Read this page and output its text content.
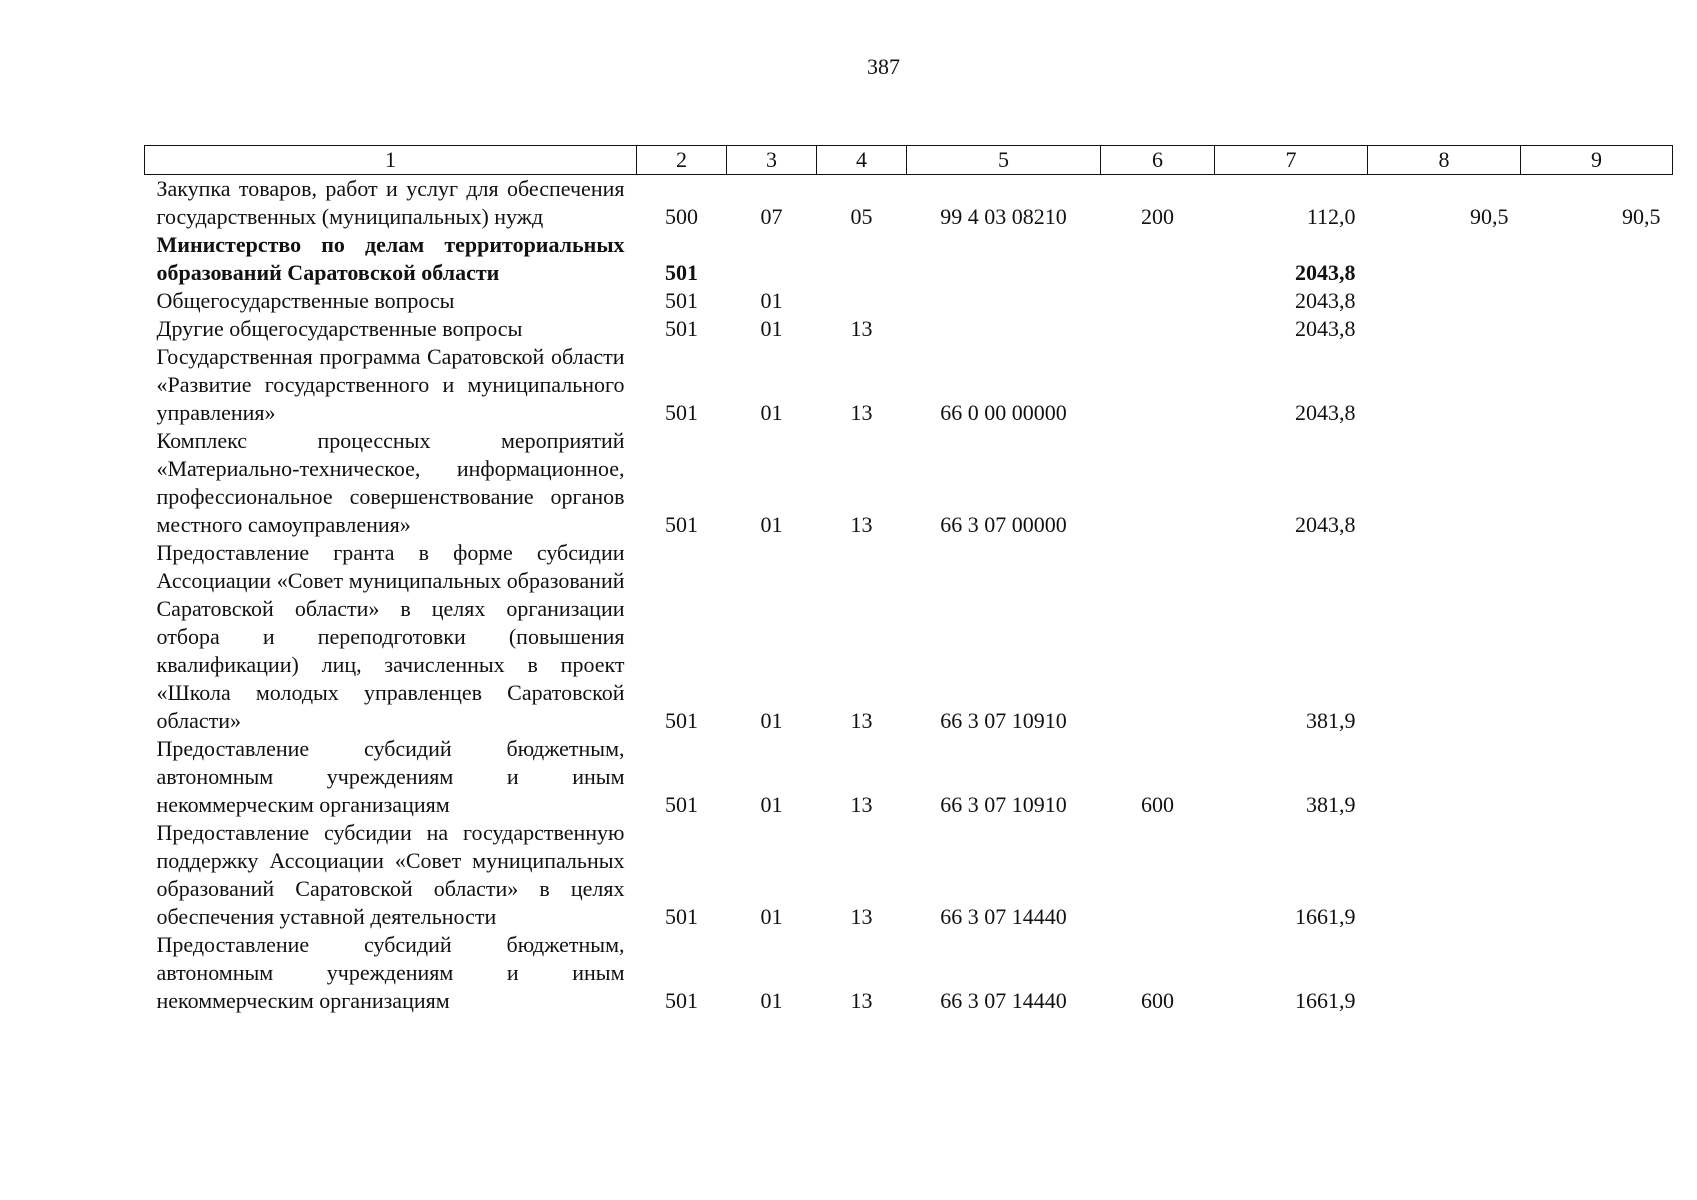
387
1	2	3	4	5	6	7	8	9
Закупка товаров, работ и услуг для обеспечения государственных (муниципальных) нужд	500	07	05	99 4 03 08210	200	112,0	90,5	90,5
Министерство по делам территориальных образований Саратовской области	501					2043,8		
Общегосударственные вопросы	501	01				2043,8		
Другие общегосударственные вопросы	501	01	13			2043,8		
Государственная программа Саратовской области «Развитие государственного и муниципального управления»	501	01	13	66 0 00 00000		2043,8		
Комплекс процессных мероприятий «Материально-техническое, информационное, профессиональное совершенствование органов местного самоуправления»	501	01	13	66 3 07 00000		2043,8		
Предоставление гранта в форме субсидии Ассоциации «Совет муниципальных образований Саратовской области» в целях организации отбора и переподготовки (повышения квалификации) лиц, зачисленных в проект «Школа молодых управленцев Саратовской области»	501	01	13	66 3 07 10910		381,9		
Предоставление субсидий бюджетным, автономным учреждениям и иным некоммерческим организациям	501	01	13	66 3 07 10910	600	381,9		
Предоставление субсидии на государственную поддержку Ассоциации «Совет муниципальных образований Саратовской области» в целях обеспечения уставной деятельности	501	01	13	66 3 07 14440		1661,9		
Предоставление субсидий бюджетным, автономным учреждениям и иным некоммерческим организациям	501	01	13	66 3 07 14440	600	1661,9		
